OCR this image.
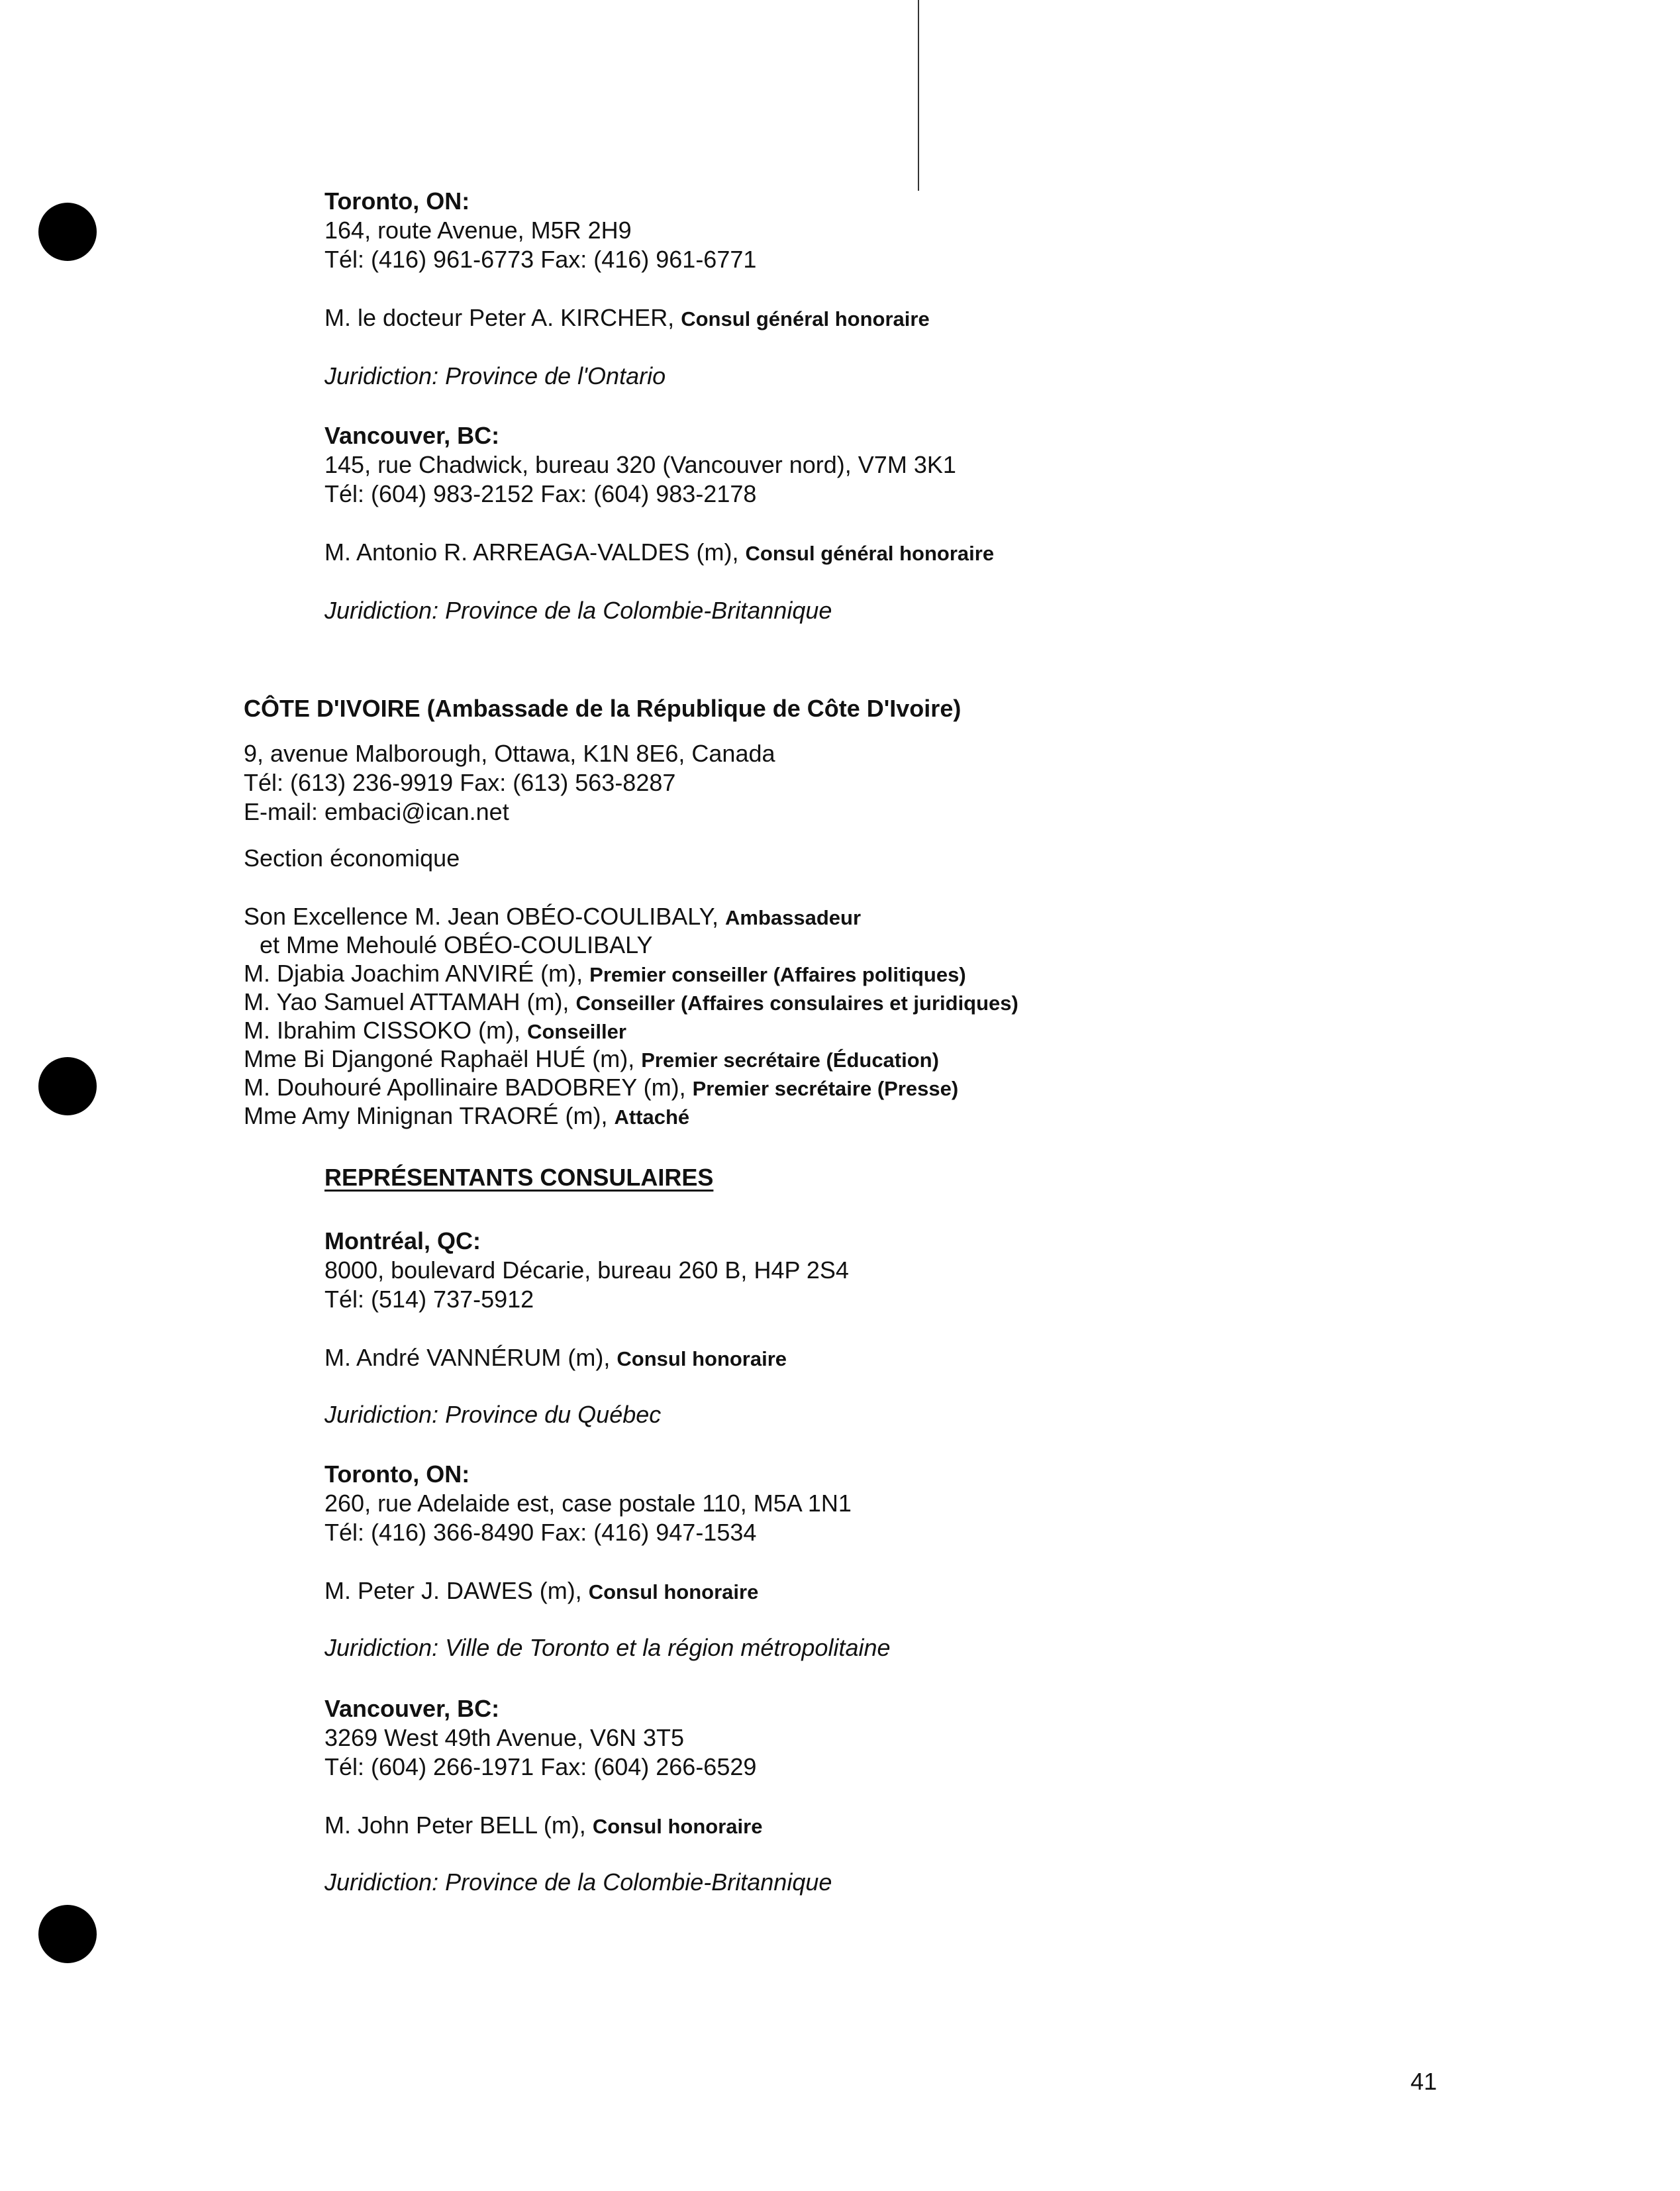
Toronto, ON:
164, route Avenue, M5R 2H9
Tél: (416) 961-6773 Fax: (416) 961-6771
M. le docteur Peter A. KIRCHER, Consul général honoraire
Juridiction: Province de l'Ontario
Vancouver, BC:
145, rue Chadwick, bureau 320 (Vancouver nord), V7M 3K1
Tél: (604) 983-2152 Fax: (604) 983-2178
M. Antonio R. ARREAGA-VALDES (m), Consul général honoraire
Juridiction: Province de la Colombie-Britannique
CÔTE D'IVOIRE (Ambassade de la République de Côte D'Ivoire)
9, avenue Malborough, Ottawa, K1N 8E6, Canada
Tél: (613) 236-9919 Fax: (613) 563-8287
E-mail: embaci@ican.net
Section économique
Son Excellence M. Jean OBÉO-COULIBALY, Ambassadeur
et Mme Mehoulé OBÉO-COULIBALY
M. Djabia Joachim ANVIRÉ (m), Premier conseiller (Affaires politiques)
M. Yao Samuel ATTAMAH (m), Conseiller (Affaires consulaires et juridiques)
M. Ibrahim CISSOKO (m), Conseiller
Mme Bi Djangoné Raphaël HUÉ (m), Premier secrétaire (Éducation)
M. Douhouré Apollinaire BADOBREY (m), Premier secrétaire (Presse)
Mme Amy Minignan TRAORÉ (m), Attaché
REPRÉSENTANTS CONSULAIRES
Montréal, QC:
8000, boulevard Décarie, bureau 260 B, H4P 2S4
Tél: (514) 737-5912
M. André VANNÉRUM (m), Consul honoraire
Juridiction: Province du Québec
Toronto, ON:
260, rue Adelaide est, case postale 110, M5A 1N1
Tél: (416) 366-8490 Fax: (416) 947-1534
M. Peter J. DAWES (m), Consul honoraire
Juridiction: Ville de Toronto et la région métropolitaine
Vancouver, BC:
3269 West 49th Avenue, V6N 3T5
Tél: (604) 266-1971 Fax: (604) 266-6529
M. John Peter BELL (m), Consul honoraire
Juridiction: Province de la Colombie-Britannique
41
